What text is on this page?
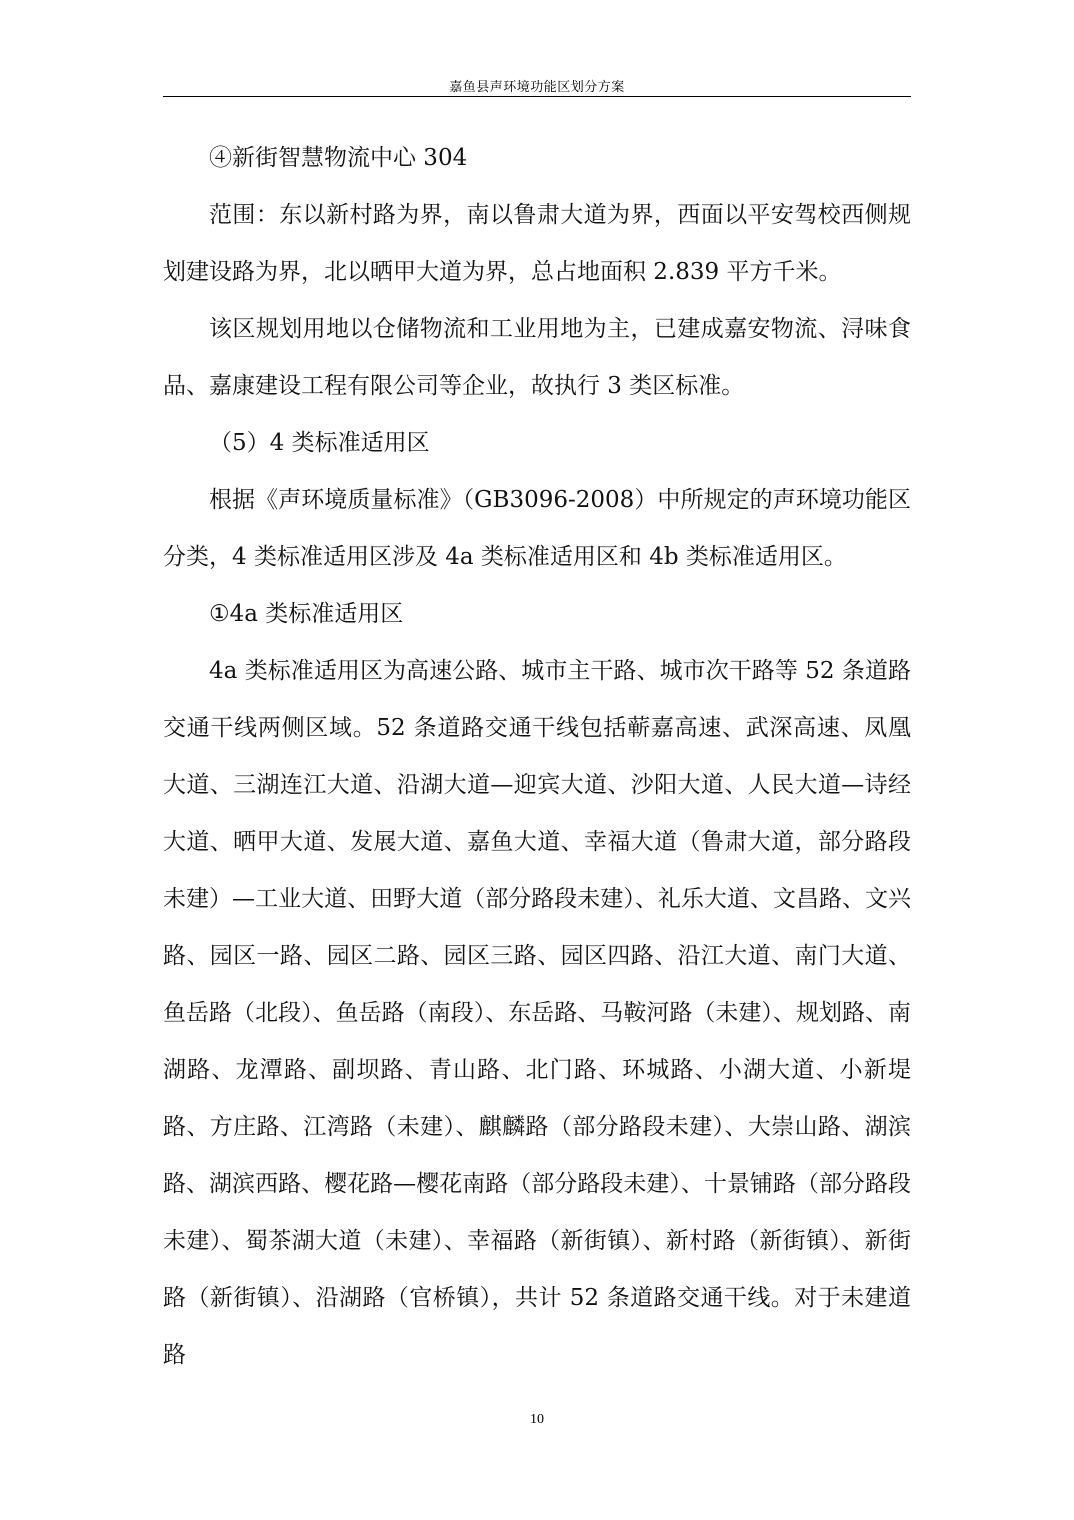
嘉鱼县声环境功能区划分方案

④新街智慧物流中心 304

范围：东以新村路为界，南以鲁肃大道为界，西面以平安驾校西侧规划建设路为界，北以晒甲大道为界，总占地面积 2.839 平方千米。

该区规划用地以仓储物流和工业用地为主，已建成嘉安物流、浔味食品、嘉康建设工程有限公司等企业，故执行 3 类区标准。

（5）4 类标准适用区

根据《声环境质量标准》（GB3096-2008）中所规定的声环境功能区分类，4 类标准适用区涉及 4a 类标准适用区和 4b 类标准适用区。

①4a 类标准适用区

4a 类标准适用区为高速公路、城市主干路、城市次干路等 52 条道路交通干线两侧区域。52 条道路交通干线包括蕲嘉高速、武深高速、凤凰大道、三湖连江大道、沿湖大道—迎宾大道、沙阳大道、人民大道—诗经大道、晒甲大道、发展大道、嘉鱼大道、幸福大道（鲁肃大道，部分路段未建）—工业大道、田野大道（部分路段未建）、礼乐大道、文昌路、文兴路、园区一路、园区二路、园区三路、园区四路、沿江大道、南门大道、鱼岳路（北段）、鱼岳路（南段）、东岳路、马鞍河路（未建）、规划路、南湖路、龙潭路、副坝路、青山路、北门路、环城路、小湖大道、小新堤路、方庄路、江湾路（未建）、麒麟路（部分路段未建）、大崇山路、湖滨路、湖滨西路、樱花路—樱花南路（部分路段未建）、十景铺路（部分路段未建）、蜀茶湖大道（未建）、幸福路（新街镇）、新村路（新街镇）、新街路（新街镇）、沿湖路（官桥镇），共计 52 条道路交通干线。对于未建道路

10
